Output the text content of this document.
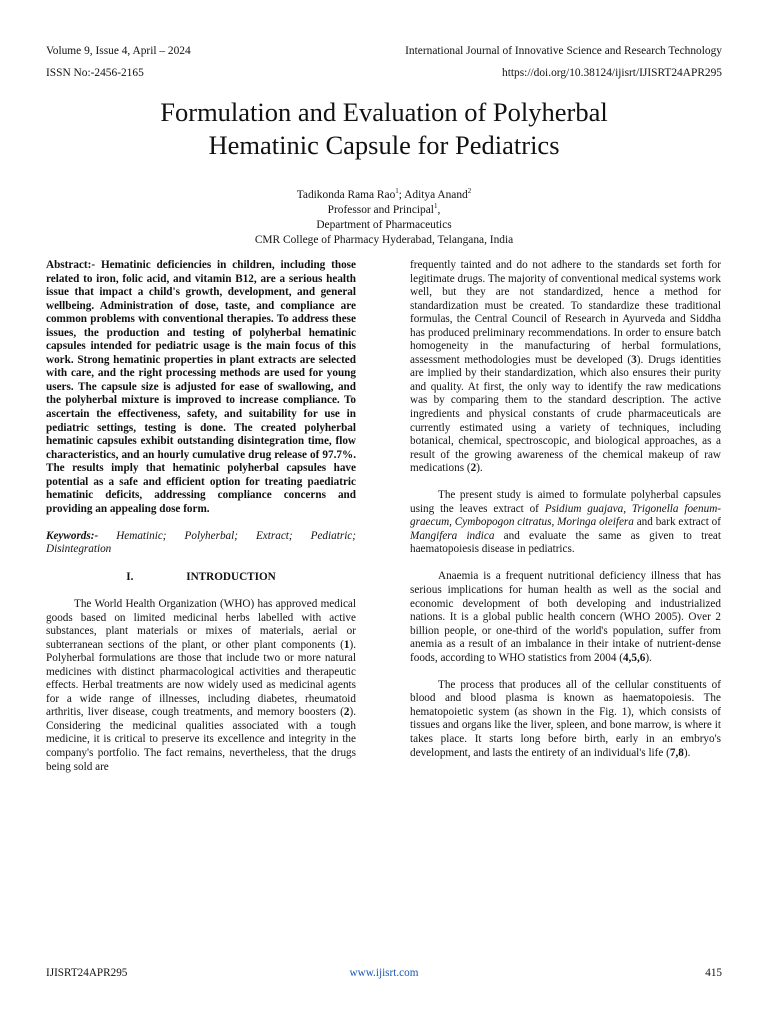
Volume 9, Issue 4, April – 2024	International Journal of Innovative Science and Research Technology
ISSN No:-2456-2165	https://doi.org/10.38124/ijisrt/IJISRT24APR295
Formulation and Evaluation of Polyherbal
Hematinic Capsule for Pediatrics
Tadikonda Rama Rao$^1$; Aditya Anand$^2$
Professor and Principal$^1$,
Department of Pharmaceutics
CMR College of Pharmacy Hyderabad, Telangana, India

Abstract:- Hematinic deficiencies in children, including those related to iron, folic acid, and vitamin B12, are a serious health issue that impact a child's growth, development, and general wellbeing. Administration of dose, taste, and compliance are common problems with conventional therapies. To address these issues, the production and testing of polyherbal hematinic capsules intended for pediatric usage is the main focus of this work. Strong hematinic properties in plant extracts are selected with care, and the right processing methods are used for young users. The capsule size is adjusted for ease of swallowing, and the polyherbal mixture is improved to increase compliance. To ascertain the effectiveness, safety, and suitability for use in pediatric settings, testing is done. The created polyherbal hematinic capsules exhibit outstanding disintegration time, flow characteristics, and an hourly cumulative drug release of 97.7%. The results imply that hematinic polyherbal capsules have potential as a safe and efficient option for treating paediatric hematinic deficits, addressing compliance concerns and providing an appealing dose form.

Keywords:- Hematinic; Polyherbal; Extract; Pediatric; Disintegration

I.	INTRODUCTION

The World Health Organization (WHO) has approved medical goods based on limited medicinal herbs labelled with active substances, plant materials or mixes of materials, aerial or subterranean sections of the plant, or other plant components (1). Polyherbal formulations are those that include two or more natural medicines with distinct pharmacological activities and therapeutic effects. Herbal treatments are now widely used as medicinal agents for a wide range of illnesses, including diabetes, rheumatoid arthritis, liver disease, cough treatments, and memory boosters (2). Considering the medicinal qualities associated with a tough medicine, it is critical to preserve its excellence and integrity in the company's portfolio. The fact remains, nevertheless, that the drugs being sold are

frequently tainted and do not adhere to the standards set forth for legitimate drugs. The majority of conventional medical systems work well, but they are not standardized, hence a method for standardization must be created. To standardize these traditional formulas, the Central Council of Research in Ayurveda and Siddha has produced preliminary recommendations. In order to ensure batch homogeneity in the manufacturing of herbal formulations, assessment methodologies must be developed (3). Drugs identities are implied by their standardization, which also ensures their purity and quality. At first, the only way to identify the raw medications was by comparing them to the standard description. The active ingredients and physical constants of crude pharmaceuticals are currently estimated using a variety of techniques, including botanical, chemical, spectroscopic, and biological approaches, as a result of the growing awareness of the chemical makeup of raw medications (2).

The present study is aimed to formulate polyherbal capsules using the leaves extract of Psidium guajava, Trigonella foenum-graecum, Cymbopogon citratus, Moringa oleifera and bark extract of Mangifera indica and evaluate the same as given to treat haematopoiesis disease in pediatrics.

Anaemia is a frequent nutritional deficiency illness that has serious implications for human health as well as the social and economic development of both developing and industrialized nations. It is a global public health concern (WHO 2005). Over 2 billion people, or one-third of the world's population, suffer from anemia as a result of an imbalance in their intake of nutrient-dense foods, according to WHO statistics from 2004 (4,5,6).

The process that produces all of the cellular constituents of blood and blood plasma is known as haematopoiesis. The hematopoietic system (as shown in the Fig. 1), which consists of tissues and organs like the liver, spleen, and bone marrow, is where it takes place. It starts long before birth, early in an embryo's development, and lasts the entirety of an individual's life (7,8).

IJISRT24APR295	www.ijisrt.com	415
